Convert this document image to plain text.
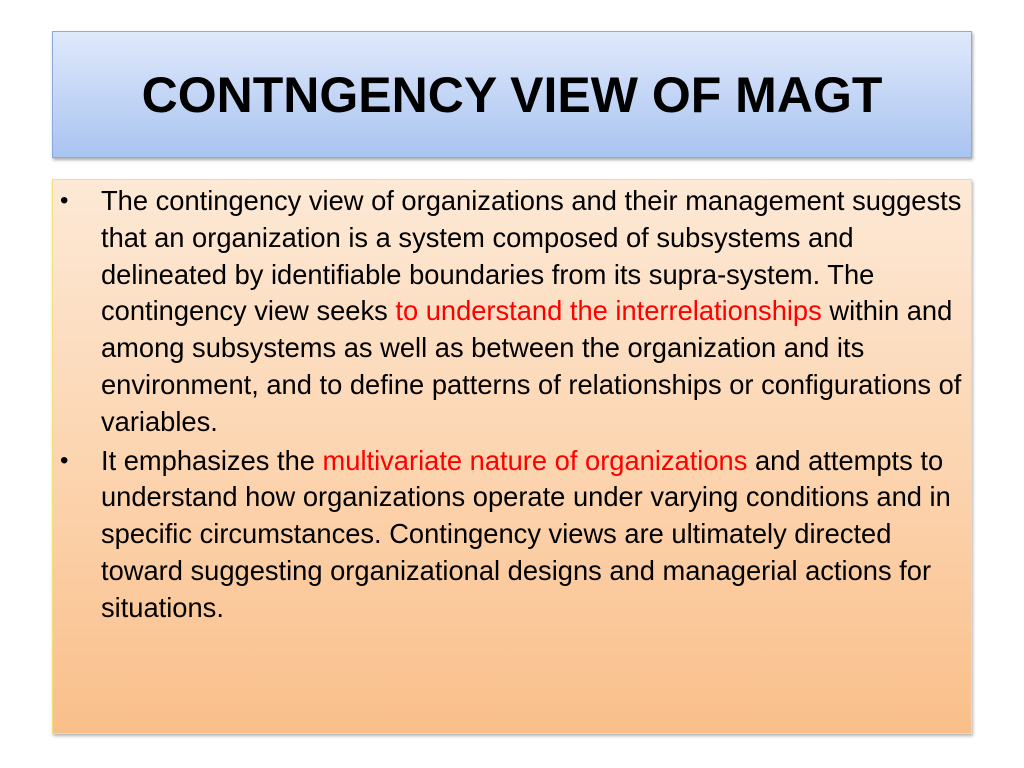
CONTNGENCY VIEW OF MAGT
• The contingency view of organizations and their management suggests that an organization is a system composed of subsystems and delineated by identifiable boundaries from its supra-system. The contingency view seeks to understand the interrelationships within and among subsystems as well as between the organization and its environment, and to define patterns of relationships or configurations of variables.
• It emphasizes the multivariate nature of organizations and attempts to understand how organizations operate under varying conditions and in specific circumstances. Contingency views are ultimately directed toward suggesting organizational designs and managerial actions for situations.
